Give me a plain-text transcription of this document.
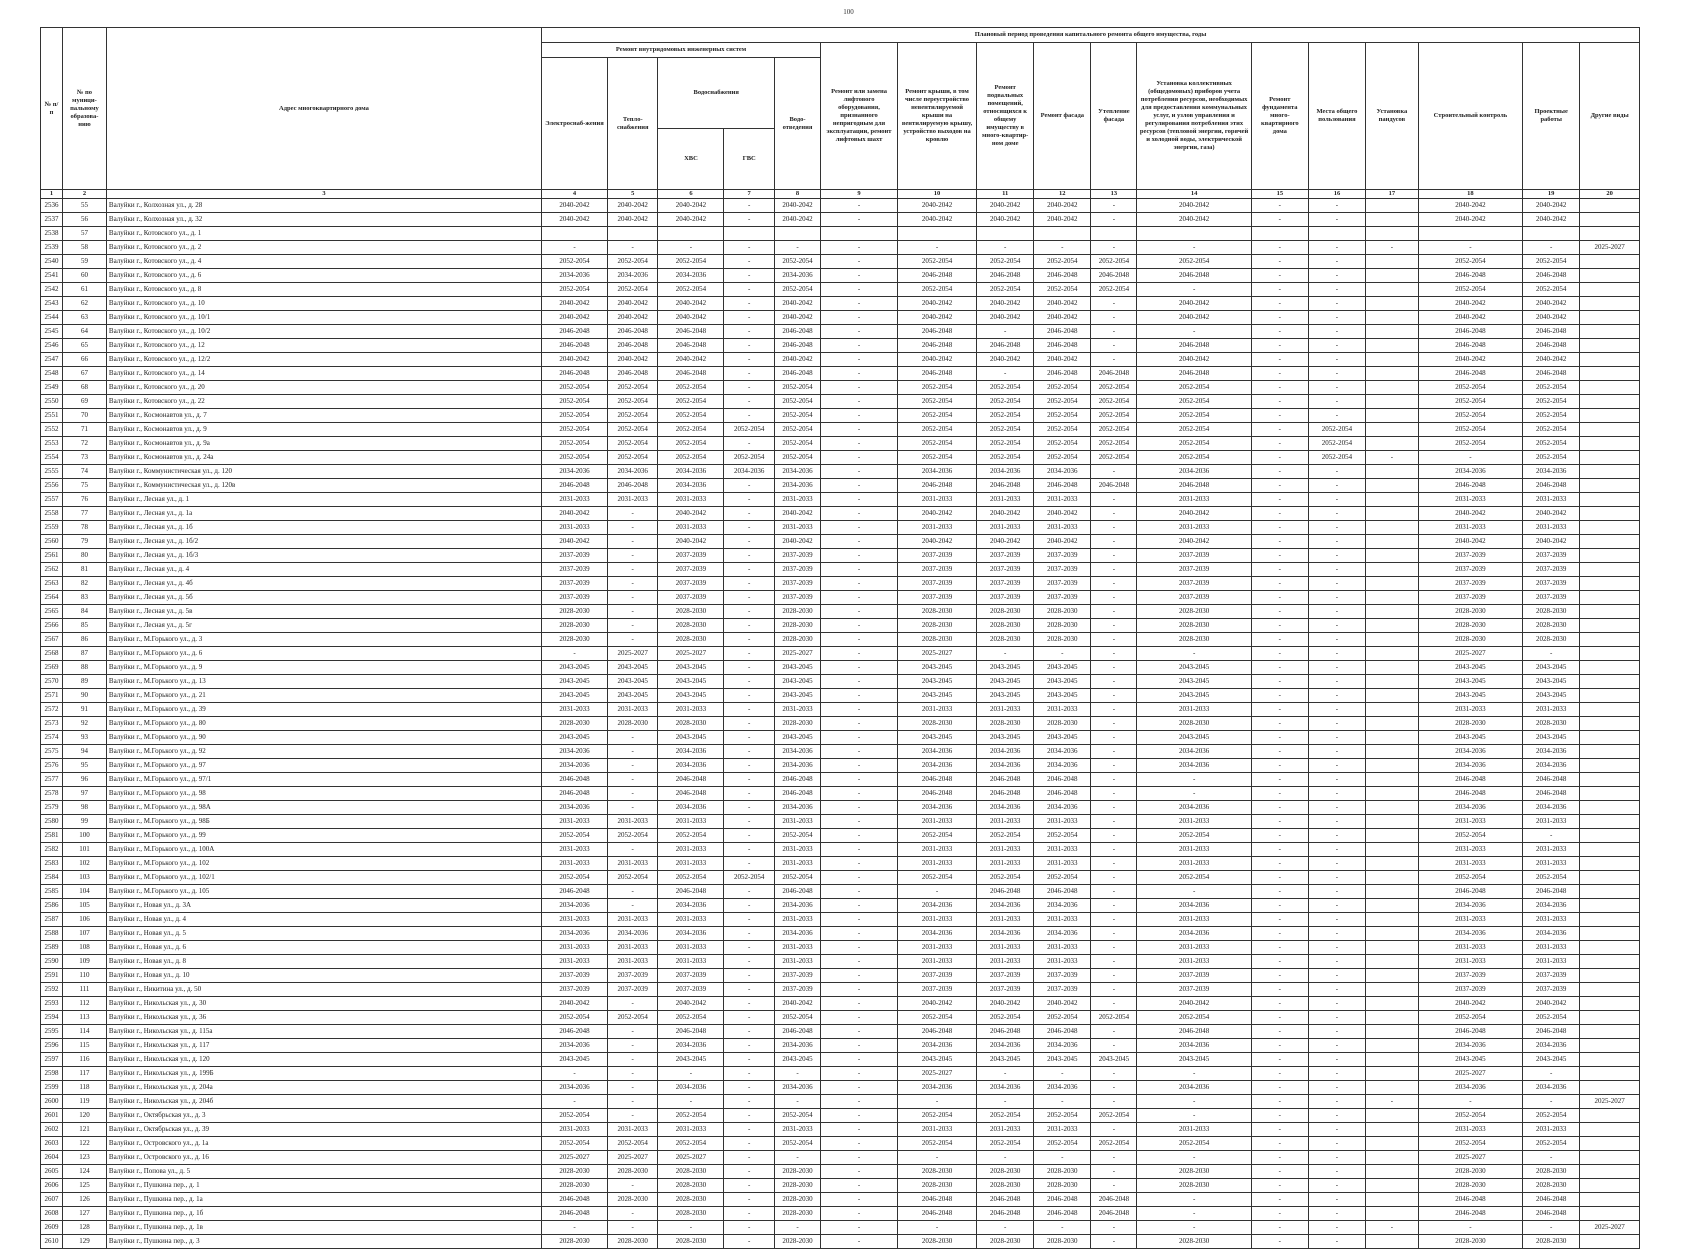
100
№ п/п	№ по муници-пальному образова-нию	Адрес многоквартирного дома	Плановый период проведения капитального ремонта общего имущества, годы																
			Ремонт внутридомовых инженерных систем					Ремонт или замена лифтового оборудования, признанного непригодным для эксплуатации, ремонт лифтовых шахт	Ремонт крыши, в том числе переустройство невентилируемой крыши на вентилируемую крышу, устройство выходов на кровлю	Ремонт подвальных помещений, относящихся к общему имуществу в много-квартир-ном доме	Ремонт фасада	Утепление фасада	Установка коллективных (общедомовых) приборов учета потребления ресурсов, необходимых для предоставления коммунальных услуг, и узлов управления и регулирования потребления этих ресурсов (тепловой энергии, горячей и холодной воды, электрической энергии, газа)	Ремонт фундамента много-квартирного дома	Места общего пользования	Установка пандусов	Строительный контроль	Проектные работы	Другие виды
			Электроснаб-жения	Тепло-снабжения	Водоснабжения		Водо-отведения												
					ХВС	ГВС													
1	2	3	4	5	6	7	8	9	10	11	12	13	14	15	16	17	18	19	20
2536	55	Валуйки г., Колхозная ул., д. 28	2040-2042	2040-2042	2040-2042	-	2040-2042	-	2040-2042	2040-2042	2040-2042	-	2040-2042	-	-		2040-2042	2040-2042	
2537	56	Валуйки г., Колхозная ул., д. 32	2040-2042	2040-2042	2040-2042	-	2040-2042	-	2040-2042	2040-2042	2040-2042	-	2040-2042	-	-		2040-2042	2040-2042	
2538	57	Валуйки г., Котовского ул., д. 1																	
2539	58	Валуйки г., Котовского ул., д. 2	-	-	-	-	-	-	-	-	-	-	-	-	-	-	-	-	2025-2027
2540	59	Валуйки г., Котовского ул., д. 4	2052-2054	2052-2054	2052-2054	-	2052-2054	-	2052-2054	2052-2054	2052-2054	2052-2054	2052-2054	-	-		2052-2054	2052-2054	
2541	60	Валуйки г., Котовского ул., д. 6	2034-2036	2034-2036	2034-2036	-	2034-2036	-	2046-2048	2046-2048	2046-2048	2046-2048	2046-2048	-	-		2046-2048	2046-2048	
2542	61	Валуйки г., Котовского ул., д. 8	2052-2054	2052-2054	2052-2054	-	2052-2054	-	2052-2054	2052-2054	2052-2054	2052-2054	-	-	-		2052-2054	2052-2054	
2543	62	Валуйки г., Котовского ул., д. 10	2040-2042	2040-2042	2040-2042	-	2040-2042	-	2040-2042	2040-2042	2040-2042	-	2040-2042	-	-		2040-2042	2040-2042	
2544	63	Валуйки г., Котовского ул., д. 10/1	2040-2042	2040-2042	2040-2042	-	2040-2042	-	2040-2042	2040-2042	2040-2042	-	2040-2042	-	-		2040-2042	2040-2042	
2545	64	Валуйки г., Котовского ул., д. 10/2	2046-2048	2046-2048	2046-2048	-	2046-2048	-	2046-2048	-	2046-2048	-	-	-	-		2046-2048	2046-2048	
2546	65	Валуйки г., Котовского ул., д. 12	2046-2048	2046-2048	2046-2048	-	2046-2048	-	2046-2048	2046-2048	2046-2048	-	2046-2048	-	-		2046-2048	2046-2048	
2547	66	Валуйки г., Котовского ул., д. 12/2	2040-2042	2040-2042	2040-2042	-	2040-2042	-	2040-2042	2040-2042	2040-2042	-	2040-2042	-	-		2040-2042	2040-2042	
2548	67	Валуйки г., Котовского ул., д. 14	2046-2048	2046-2048	2046-2048	-	2046-2048	-	2046-2048	-	2046-2048	2046-2048	2046-2048	-	-		2046-2048	2046-2048	
2549	68	Валуйки г., Котовского ул., д. 20	2052-2054	2052-2054	2052-2054	-	2052-2054	-	2052-2054	2052-2054	2052-2054	2052-2054	2052-2054	-	-		2052-2054	2052-2054	
2550	69	Валуйки г., Котовского ул., д. 22	2052-2054	2052-2054	2052-2054	-	2052-2054	-	2052-2054	2052-2054	2052-2054	2052-2054	2052-2054	-	-		2052-2054	2052-2054	
2551	70	Валуйки г., Космонавтов ул., д. 7	2052-2054	2052-2054	2052-2054	-	2052-2054	-	2052-2054	2052-2054	2052-2054	2052-2054	2052-2054	-	-		2052-2054	2052-2054	
2552	71	Валуйки г., Космонавтов ул., д. 9	2052-2054	2052-2054	2052-2054	2052-2054	2052-2054	-	2052-2054	2052-2054	2052-2054	2052-2054	2052-2054	-	2052-2054		2052-2054	2052-2054	
2553	72	Валуйки г., Космонавтов ул., д. 9а	2052-2054	2052-2054	2052-2054	-	2052-2054	-	2052-2054	2052-2054	2052-2054	2052-2054	2052-2054	-	2052-2054		2052-2054	2052-2054	
2554	73	Валуйки г., Космонавтов ул., д. 24а	2052-2054	2052-2054	2052-2054	2052-2054	2052-2054	-	2052-2054	2052-2054	2052-2054	2052-2054	2052-2054	-	2052-2054	-	-	2052-2054	
2555	74	Валуйки г., Коммунистическая ул., д. 120	2034-2036	2034-2036	2034-2036	2034-2036	2034-2036	-	2034-2036	2034-2036	2034-2036	-	2034-2036	-	-		2034-2036	2034-2036	
2556	75	Валуйки г., Коммунистическая ул., д. 120в	2046-2048	2046-2048	2034-2036	-	2034-2036	-	2046-2048	2046-2048	2046-2048	2046-2048	2046-2048	-	-		2046-2048	2046-2048	
2557	76	Валуйки г., Лесная ул., д. 1	2031-2033	2031-2033	2031-2033	-	2031-2033	-	2031-2033	2031-2033	2031-2033	-	2031-2033	-	-		2031-2033	2031-2033	
2558	77	Валуйки г., Лесная ул., д. 1а	2040-2042	-	2040-2042	-	2040-2042	-	2040-2042	2040-2042	2040-2042	-	2040-2042	-	-		2040-2042	2040-2042	
2559	78	Валуйки г., Лесная ул., д. 1б	2031-2033	-	2031-2033	-	2031-2033	-	2031-2033	2031-2033	2031-2033	-	2031-2033	-	-		2031-2033	2031-2033	
2560	79	Валуйки г., Лесная ул., д. 1б/2	2040-2042	-	2040-2042	-	2040-2042	-	2040-2042	2040-2042	2040-2042	-	2040-2042	-	-		2040-2042	2040-2042	
2561	80	Валуйки г., Лесная ул., д. 1б/3	2037-2039	-	2037-2039	-	2037-2039	-	2037-2039	2037-2039	2037-2039	-	2037-2039	-	-		2037-2039	2037-2039	
2562	81	Валуйки г., Лесная ул., д. 4	2037-2039	-	2037-2039	-	2037-2039	-	2037-2039	2037-2039	2037-2039	-	2037-2039	-	-		2037-2039	2037-2039	
2563	82	Валуйки г., Лесная ул., д. 4б	2037-2039	-	2037-2039	-	2037-2039	-	2037-2039	2037-2039	2037-2039	-	2037-2039	-	-		2037-2039	2037-2039	
2564	83	Валуйки г., Лесная ул., д. 5б	2037-2039	-	2037-2039	-	2037-2039	-	2037-2039	2037-2039	2037-2039	-	2037-2039	-	-		2037-2039	2037-2039	
2565	84	Валуйки г., Лесная ул., д. 5в	2028-2030	-	2028-2030	-	2028-2030	-	2028-2030	2028-2030	2028-2030	-	2028-2030	-	-		2028-2030	2028-2030	
2566	85	Валуйки г., Лесная ул., д. 5г	2028-2030	-	2028-2030	-	2028-2030	-	2028-2030	2028-2030	2028-2030	-	2028-2030	-	-		2028-2030	2028-2030	
2567	86	Валуйки г., М.Горького ул., д. 3	2028-2030	-	2028-2030	-	2028-2030	-	2028-2030	2028-2030	2028-2030	-	2028-2030	-	-		2028-2030	2028-2030	
2568	87	Валуйки г., М.Горького ул., д. 6	-	2025-2027	2025-2027	-	2025-2027	-	2025-2027	-	-	-	-	-	-		2025-2027	-	
2569	88	Валуйки г., М.Горького ул., д. 9	2043-2045	2043-2045	2043-2045	-	2043-2045	-	2043-2045	2043-2045	2043-2045	-	2043-2045	-	-		2043-2045	2043-2045	
2570	89	Валуйки г., М.Горького ул., д. 13	2043-2045	2043-2045	2043-2045	-	2043-2045	-	2043-2045	2043-2045	2043-2045	-	2043-2045	-	-		2043-2045	2043-2045	
2571	90	Валуйки г., М.Горького ул., д. 21	2043-2045	2043-2045	2043-2045	-	2043-2045	-	2043-2045	2043-2045	2043-2045	-	2043-2045	-	-		2043-2045	2043-2045	
2572	91	Валуйки г., М.Горького ул., д. 39	2031-2033	2031-2033	2031-2033	-	2031-2033	-	2031-2033	2031-2033	2031-2033	-	2031-2033	-	-		2031-2033	2031-2033	
2573	92	Валуйки г., М.Горького ул., д. 80	2028-2030	2028-2030	2028-2030	-	2028-2030	-	2028-2030	2028-2030	2028-2030	-	2028-2030	-	-		2028-2030	2028-2030	
2574	93	Валуйки г., М.Горького ул., д. 90	2043-2045	-	2043-2045	-	2043-2045	-	2043-2045	2043-2045	2043-2045	-	2043-2045	-	-		2043-2045	2043-2045	
2575	94	Валуйки г., М.Горького ул., д. 92	2034-2036	-	2034-2036	-	2034-2036	-	2034-2036	2034-2036	2034-2036	-	2034-2036	-	-		2034-2036	2034-2036	
2576	95	Валуйки г., М.Горького ул., д. 97	2034-2036	-	2034-2036	-	2034-2036	-	2034-2036	2034-2036	2034-2036	-	2034-2036	-	-		2034-2036	2034-2036	
2577	96	Валуйки г., М.Горького ул., д. 97/1	2046-2048	-	2046-2048	-	2046-2048	-	2046-2048	2046-2048	2046-2048	-	-	-	-		2046-2048	2046-2048	
2578	97	Валуйки г., М.Горького ул., д. 98	2046-2048	-	2046-2048	-	2046-2048	-	2046-2048	2046-2048	2046-2048	-	-	-	-		2046-2048	2046-2048	
2579	98	Валуйки г., М.Горького ул., д. 98А	2034-2036	-	2034-2036	-	2034-2036	-	2034-2036	2034-2036	2034-2036	-	2034-2036	-	-		2034-2036	2034-2036	
2580	99	Валуйки г., М.Горького ул., д. 98Б	2031-2033	2031-2033	2031-2033	-	2031-2033	-	2031-2033	2031-2033	2031-2033	-	2031-2033	-	-		2031-2033	2031-2033	
2581	100	Валуйки г., М.Горького ул., д. 99	2052-2054	2052-2054	2052-2054	-	2052-2054	-	2052-2054	2052-2054	2052-2054	-	2052-2054	-	-		2052-2054	-	
2582	101	Валуйки г., М.Горького ул., д. 100А	2031-2033	-	2031-2033	-	2031-2033	-	2031-2033	2031-2033	2031-2033	-	2031-2033	-	-		2031-2033	2031-2033	
2583	102	Валуйки г., М.Горького ул., д. 102	2031-2033	2031-2033	2031-2033	-	2031-2033	-	2031-2033	2031-2033	2031-2033	-	2031-2033	-	-		2031-2033	2031-2033	
2584	103	Валуйки г., М.Горького ул., д. 102/1	2052-2054	2052-2054	2052-2054	2052-2054	2052-2054	-	2052-2054	2052-2054	2052-2054	-	2052-2054	-	-		2052-2054	2052-2054	
2585	104	Валуйки г., М.Горького ул., д. 105	2046-2048	-	2046-2048	-	2046-2048	-	-	2046-2048	2046-2048	-	-	-	-		2046-2048	2046-2048	
2586	105	Валуйки г., Новая ул., д. 3А	2034-2036	-	2034-2036	-	2034-2036	-	2034-2036	2034-2036	2034-2036	-	2034-2036	-	-		2034-2036	2034-2036	
2587	106	Валуйки г., Новая ул., д. 4	2031-2033	2031-2033	2031-2033	-	2031-2033	-	2031-2033	2031-2033	2031-2033	-	2031-2033	-	-		2031-2033	2031-2033	
2588	107	Валуйки г., Новая ул., д. 5	2034-2036	2034-2036	2034-2036	-	2034-2036	-	2034-2036	2034-2036	2034-2036	-	2034-2036	-	-		2034-2036	2034-2036	
2589	108	Валуйки г., Новая ул., д. 6	2031-2033	2031-2033	2031-2033	-	2031-2033	-	2031-2033	2031-2033	2031-2033	-	2031-2033	-	-		2031-2033	2031-2033	
2590	109	Валуйки г., Новая ул., д. 8	2031-2033	2031-2033	2031-2033	-	2031-2033	-	2031-2033	2031-2033	2031-2033	-	2031-2033	-	-		2031-2033	2031-2033	
2591	110	Валуйки г., Новая ул., д. 10	2037-2039	2037-2039	2037-2039	-	2037-2039	-	2037-2039	2037-2039	2037-2039	-	2037-2039	-	-		2037-2039	2037-2039	
2592	111	Валуйки г., Никитина ул., д. 50	2037-2039	2037-2039	2037-2039	-	2037-2039	-	2037-2039	2037-2039	2037-2039	-	2037-2039	-	-		2037-2039	2037-2039	
2593	112	Валуйки г., Никольская ул., д. 30	2040-2042	-	2040-2042	-	2040-2042	-	2040-2042	2040-2042	2040-2042	-	2040-2042	-	-		2040-2042	2040-2042	
2594	113	Валуйки г., Никольская ул., д. 36	2052-2054	2052-2054	2052-2054	-	2052-2054	-	2052-2054	2052-2054	2052-2054	2052-2054	2052-2054	-	-		2052-2054	2052-2054	
2595	114	Валуйки г., Никольская ул., д. 115а	2046-2048	-	2046-2048	-	2046-2048	-	2046-2048	2046-2048	2046-2048	-	2046-2048	-	-		2046-2048	2046-2048	
2596	115	Валуйки г., Никольская ул., д. 117	2034-2036	-	2034-2036	-	2034-2036	-	2034-2036	2034-2036	2034-2036	-	2034-2036	-	-		2034-2036	2034-2036	
2597	116	Валуйки г., Никольская ул., д. 120	2043-2045	-	2043-2045	-	2043-2045	-	2043-2045	2043-2045	2043-2045	2043-2045	2043-2045	-	-		2043-2045	2043-2045	
2598	117	Валуйки г., Никольская ул., д. 199Б	-	-	-	-	-	-	2025-2027	-	-	-	-	-	-		2025-2027	-	
2599	118	Валуйки г., Никольская ул., д. 204а	2034-2036	-	2034-2036	-	2034-2036	-	2034-2036	2034-2036	2034-2036	-	2034-2036	-	-		2034-2036	2034-2036	
2600	119	Валуйки г., Никольская ул., д. 204б	-	-	-	-	-	-	-	-	-	-	-	-	-	-	-	-	2025-2027
2601	120	Валуйки г., Октябрьская ул., д. 3	2052-2054	-	2052-2054	-	2052-2054	-	2052-2054	2052-2054	2052-2054	2052-2054	-	-	-		2052-2054	2052-2054	
2602	121	Валуйки г., Октябрьская ул., д. 39	2031-2033	2031-2033	2031-2033	-	2031-2033	-	2031-2033	2031-2033	2031-2033	-	2031-2033	-	-		2031-2033	2031-2033	
2603	122	Валуйки г., Островского ул., д. 1а	2052-2054	2052-2054	2052-2054	-	2052-2054	-	2052-2054	2052-2054	2052-2054	2052-2054	2052-2054	-	-		2052-2054	2052-2054	
2604	123	Валуйки г., Островского ул., д. 16	2025-2027	2025-2027	2025-2027	-	-	-	-	-	-	-	-	-	-		2025-2027	-	
2605	124	Валуйки г., Попова ул., д. 5	2028-2030	2028-2030	2028-2030	-	2028-2030	-	2028-2030	2028-2030	2028-2030	-	2028-2030	-	-		2028-2030	2028-2030	
2606	125	Валуйки г., Пушкина пер., д. 1	2028-2030	-	2028-2030	-	2028-2030	-	2028-2030	2028-2030	2028-2030	-	2028-2030	-	-		2028-2030	2028-2030	
2607	126	Валуйки г., Пушкина пер., д. 1а	2046-2048	2028-2030	2028-2030	-	2028-2030	-	2046-2048	2046-2048	2046-2048	2046-2048	-	-	-		2046-2048	2046-2048	
2608	127	Валуйки г., Пушкина пер., д. 1б	2046-2048	-	2028-2030	-	2028-2030	-	2046-2048	2046-2048	2046-2048	2046-2048	-	-	-		2046-2048	2046-2048	
2609	128	Валуйки г., Пушкина пер., д. 1в	-	-	-	-	-	-	-	-	-	-	-	-	-	-	-	-	2025-2027
2610	129	Валуйки г., Пушкина пер., д. 3	2028-2030	2028-2030	2028-2030	-	2028-2030	-	2028-2030	2028-2030	2028-2030	-	2028-2030	-	-		2028-2030	2028-2030	
